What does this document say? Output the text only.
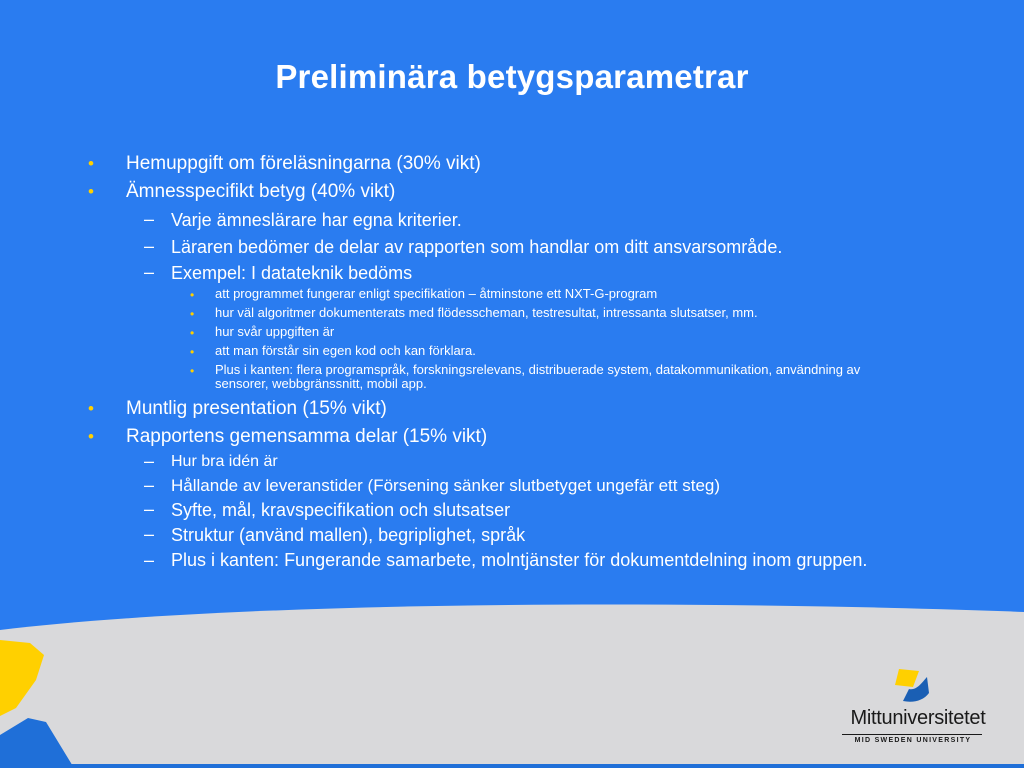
Preliminära betygsparametrar
• Hemuppgift om föreläsningarna (30% vikt)
• Ämnesspecifikt betyg (40% vikt)
– Varje ämneslärare har egna kriterier.
– Läraren bedömer de delar av rapporten som handlar om ditt ansvarsområde.
– Exempel: I datateknik bedöms
• att programmet fungerar enligt specifikation – åtminstone ett NXT-G-program
• hur väl algoritmer dokumenterats med flödesscheman, testresultat, intressanta slutsatser, mm.
• hur svår uppgiften är
• att man förstår sin egen kod och kan förklara.
• Plus i kanten: flera programspråk, forskningsrelevans, distribuerade system, datakommunikation, användning av sensorer, webbgränssnitt, mobil app.
• Muntlig presentation (15% vikt)
• Rapportens gemensamma delar (15% vikt)
– Hur bra idén är
– Hållande av leveranstider (Försening sänker slutbetyget ungefär ett steg)
– Syfte, mål, kravspecifikation och slutsatser
– Struktur (använd mallen), begriplighet, språk
– Plus i kanten: Fungerande samarbete, molntjänster för dokumentdelning inom gruppen.
Mittuniversitetet
MID SWEDEN UNIVERSITY
